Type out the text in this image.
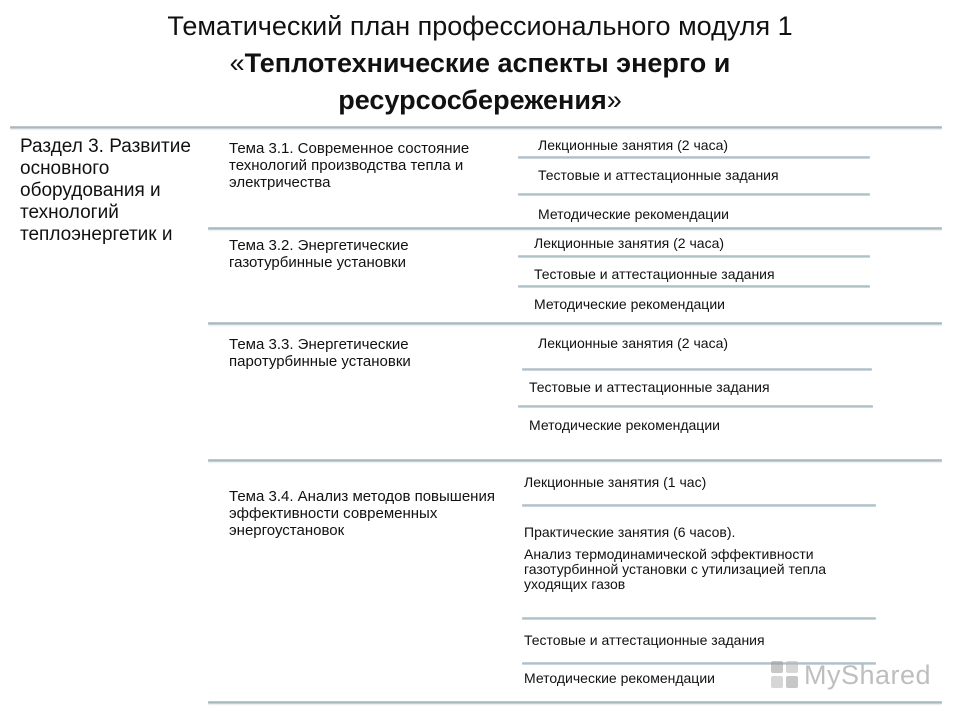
Тематический план профессионального модуля 1
«Теплотехнические аспекты энерго и
ресурсосбережения»
Раздел 3. Развитие основного оборудования и технологий теплоэнергетик и
Тема 3.1. Современное состояние технологий производства тепла и электричества
Лекционные занятия (2 часа)
Тестовые и аттестационные задания
Методические рекомендации
Тема 3.2. Энергетические газотурбинные установки
Лекционные занятия (2 часа)
Тестовые и аттестационные задания
Методические рекомендации
Тема 3.3. Энергетические паротурбинные установки
Лекционные занятия (2 часа)
Тестовые и аттестационные задания
Методические рекомендации
Тема 3.4. Анализ методов повышения эффективности современных энергоустановок
Лекционные занятия (1 час)
Практические занятия (6 часов).
Анализ термодинамической эффективности газотурбинной установки с утилизацией тепла уходящих газов
Тестовые и аттестационные задания
Методические рекомендации	MyShared
